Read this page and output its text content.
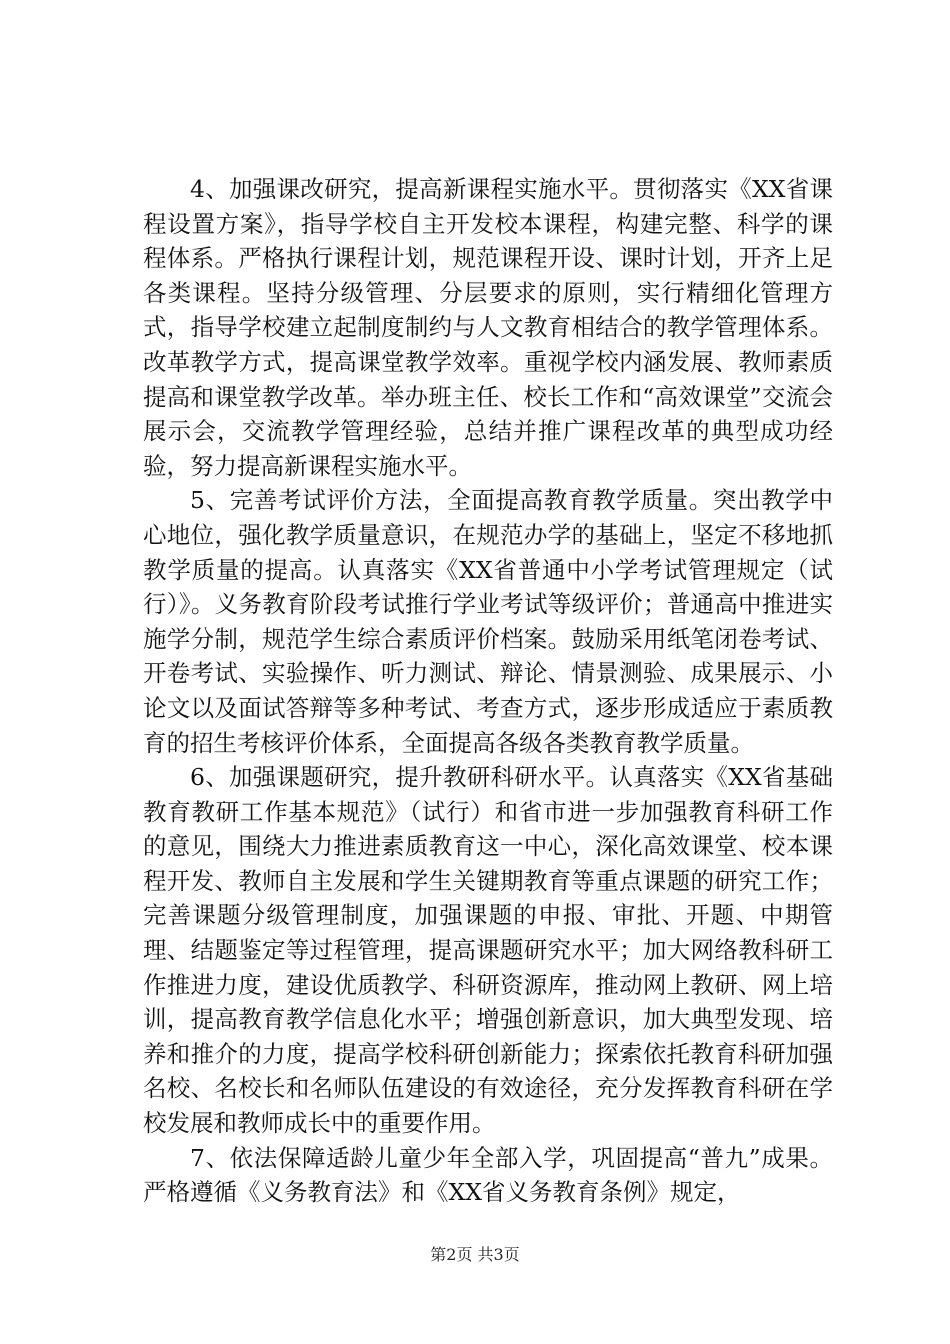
4、加强课改研究，提高新课程实施水平。贯彻落实《XX省课程设置方案》，指导学校自主开发校本课程，构建完整、科学的课程体系。严格执行课程计划，规范课程开设、课时计划，开齐上足各类课程。坚持分级管理、分层要求的原则，实行精细化管理方式，指导学校建立起制度制约与人文教育相结合的教学管理体系。改革教学方式，提高课堂教学效率。重视学校内涵发展、教师素质提高和课堂教学改革。举办班主任、校长工作和“高效课堂”交流会展示会，交流教学管理经验，总结并推广课程改革的典型成功经验，努力提高新课程实施水平。

5、完善考试评价方法，全面提高教育教学质量。突出教学中心地位，强化教学质量意识，在规范办学的基础上，坚定不移地抓教学质量的提高。认真落实《XX省普通中小学考试管理规定（试行）》。义务教育阶段考试推行学业考试等级评价；普通高中推进实施学分制，规范学生综合素质评价档案。鼓励采用纸笔闭卷考试、开卷考试、实验操作、听力测试、辩论、情景测验、成果展示、小论文以及面试答辩等多种考试、考查方式，逐步形成适应于素质教育的招生考核评价体系，全面提高各级各类教育教学质量。

6、加强课题研究，提升教研科研水平。认真落实《XX省基础教育教研工作基本规范》（试行）和省市进一步加强教育科研工作的意见，围绕大力推进素质教育这一中心，深化高效课堂、校本课程开发、教师自主发展和学生关键期教育等重点课题的研究工作；完善课题分级管理制度，加强课题的申报、审批、开题、中期管理、结题鉴定等过程管理，提高课题研究水平；加大网络教科研工作推进力度，建设优质教学、科研资源库，推动网上教研、网上培训，提高教育教学信息化水平；增强创新意识，加大典型发现、培养和推介的力度，提高学校科研创新能力；探索依托教育科研加强名校、名校长和名师队伍建设的有效途径，充分发挥教育科研在学校发展和教师成长中的重要作用。

7、依法保障适龄儿童少年全部入学，巩固提高“普九”成果。严格遵循《义务教育法》和《XX省义务教育条例》规定，

第2页 共3页
